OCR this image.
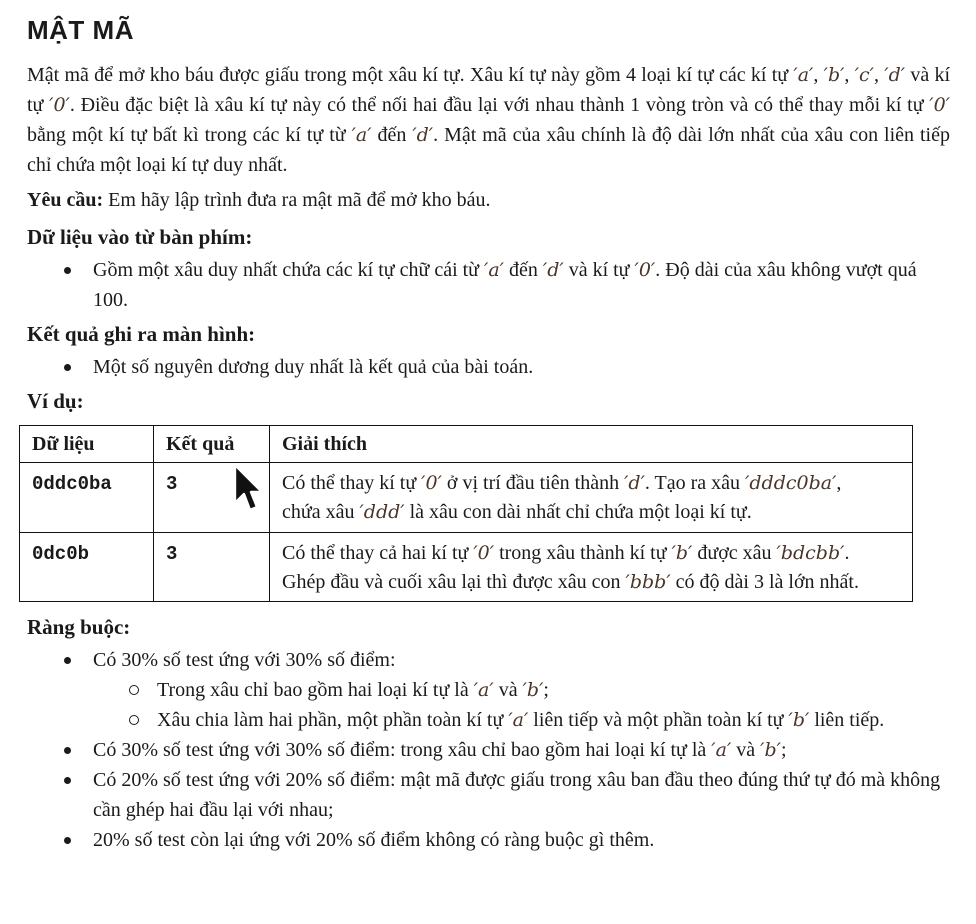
MẬT MÃ

Mật mã để mở kho báu được giấu trong một xâu kí tự. Xâu kí tự này gồm 4 loại kí tự các kí tự ′a′, ′b′, ′c′, ′d′ và kí tự ′0′. Điều đặc biệt là xâu kí tự này có thể nối hai đầu lại với nhau thành 1 vòng tròn và có thể thay mỗi kí tự ′0′ bằng một kí tự bất kì trong các kí tự từ ′a′ đến ′d′. Mật mã của xâu chính là độ dài lớn nhất của xâu con liên tiếp chỉ chứa một loại kí tự duy nhất.

Yêu cầu: Em hãy lập trình đưa ra mật mã để mở kho báu.

Dữ liệu vào từ bàn phím:
Gồm một xâu duy nhất chứa các kí tự chữ cái từ ′a′ đến ′d′ và kí tự ′0′. Độ dài của xâu không vượt quá 100.
Kết quả ghi ra màn hình:
Một số nguyên dương duy nhất là kết quả của bài toán.
Ví dụ:
Dữ liệu	Kết quả	Giải thích
0ddc0ba	3	Có thể thay kí tự ′0′ ở vị trí đầu tiên thành ′d′. Tạo ra xâu ′dddc0ba′,
chứa xâu ′ddd′ là xâu con dài nhất chỉ chứa một loại kí tự.

0dc0b	3	Có thể thay cả hai kí tự ′0′ trong xâu thành kí tự ′b′ được xâu ′bdcbb′.
Ghép đầu và cuối xâu lại thì được xâu con ′bbb′ có độ dài 3 là lớn nhất.
Ràng buộc:
Có 30% số test ứng với 30% số điểm:
Trong xâu chỉ bao gồm hai loại kí tự là ′a′ và ′b′;
Xâu chia làm hai phần, một phần toàn kí tự ′a′ liên tiếp và một phần toàn kí tự ′b′ liên tiếp.
Có 30% số test ứng với 30% số điểm: trong xâu chỉ bao gồm hai loại kí tự là ′a′ và ′b′;
Có 20% số test ứng với 20% số điểm: mật mã được giấu trong xâu ban đầu theo đúng thứ tự đó mà không cần ghép hai đầu lại với nhau;
20% số test còn lại ứng với 20% số điểm không có ràng buộc gì thêm.
